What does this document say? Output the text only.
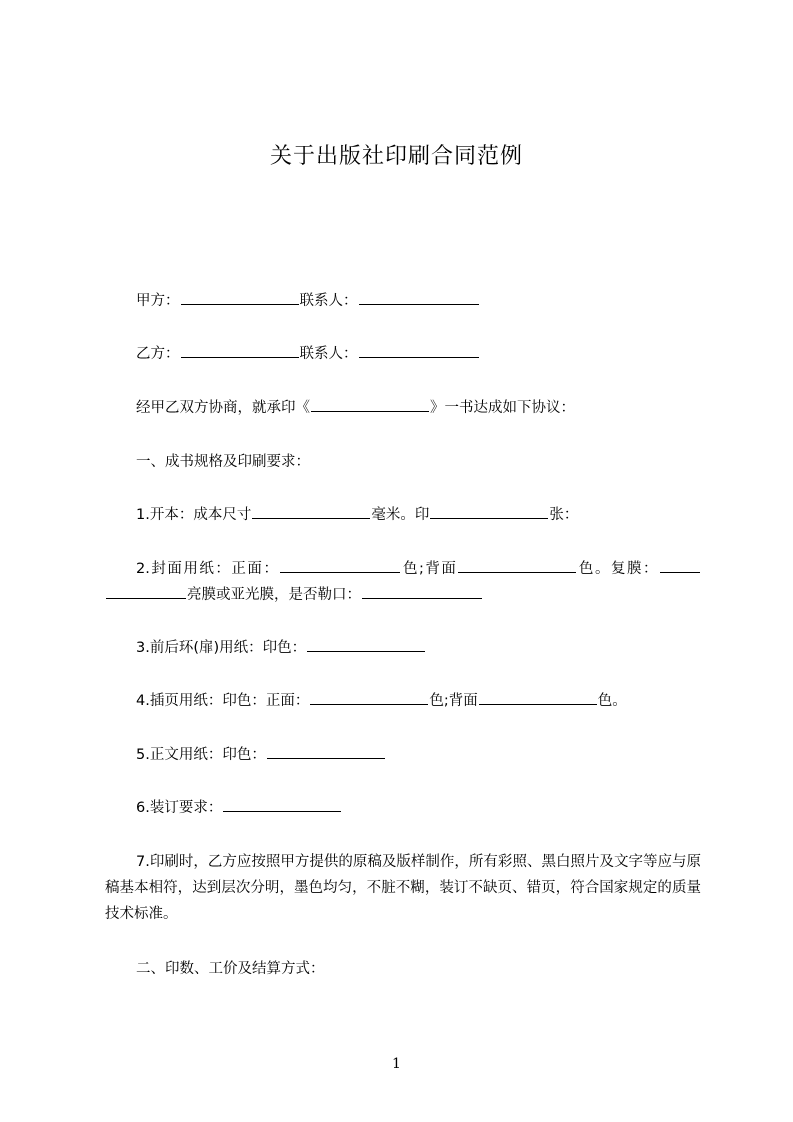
关于出版社印刷合同范例
甲方：	联系人：
乙方：	联系人：
经甲乙双方协商，就承印《	》一书达成如下协议：
一、成书规格及印刷要求：
1.开本：成本尺寸	毫米。印	张：
2.封面用纸：正面：	色;背面	色。复膜：亮膜或亚光膜，是否勒口：
3.前后环(扉)用纸：印色：
4.插页用纸：印色：正面：	色;背面	色。
5.正文用纸：印色：
6.装订要求：
7.印刷时，乙方应按照甲方提供的原稿及版样制作，所有彩照、黑白照片及文字等应与原稿基本相符，达到层次分明，墨色均匀，不脏不糊，装订不缺页、错页，符合国家规定的质量技术标准。
二、印数、工价及结算方式：
1
